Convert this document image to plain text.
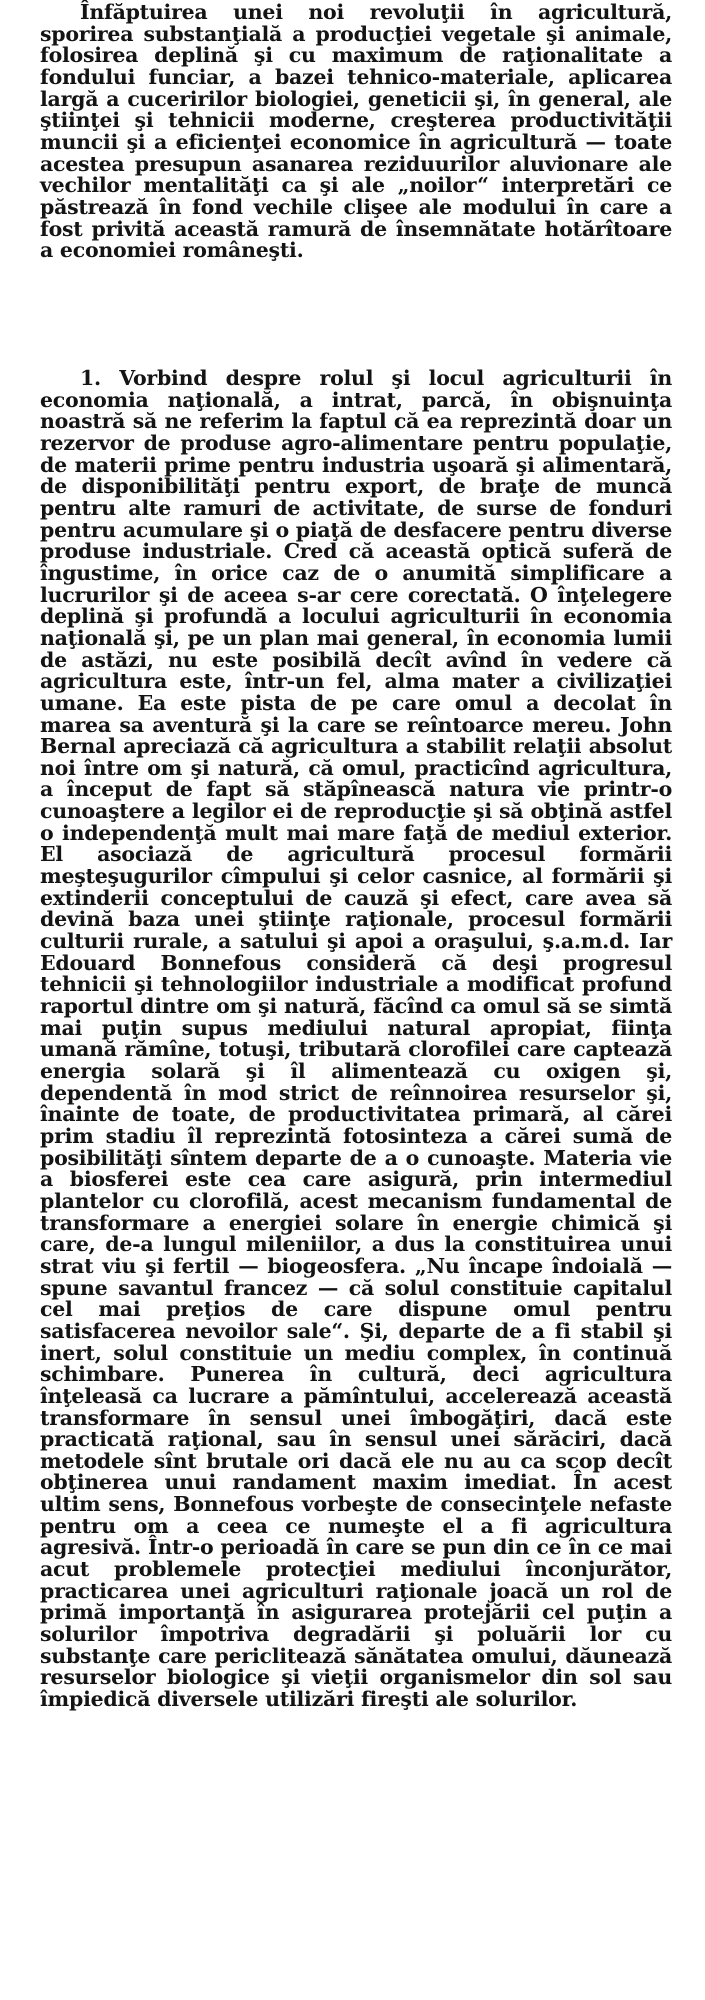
Înfăptuirea unei noi revoluţii în agricultură, sporirea substanţială a producţiei vegetale şi animale, folosirea deplină şi cu maximum de raţionalitate a fondului funciar, a bazei tehnico-materiale, aplicarea largă a cuceririlor biologiei, geneticii şi, în general, ale ştiinţei şi tehnicii moderne, creşterea productivităţii muncii şi a eficienţei economice în agricultură — toate acestea presupun asanarea reziduurilor aluvionare ale vechilor mentalităţi ca şi ale „noilor“ interpretări ce păstrează în fond vechile clişee ale modului în care a fost privită această ramură de însemnătate hotărîtoare a economiei româneşti.
1. Vorbind despre rolul şi locul agriculturii în economia naţională, a intrat, parcă, în obişnuinţa noastră să ne referim la faptul că ea reprezintă doar un rezervor de produse agro-alimentare pentru populaţie, de materii prime pentru industria uşoară şi alimentară, de disponibilităţi pentru export, de braţe de muncă pentru alte ramuri de activitate, de surse de fonduri pentru acumulare şi o piaţă de desfacere pentru diverse produse industriale. Cred că această optică suferă de îngustime, în orice caz de o anumită simplificare a lucrurilor şi de aceea s-ar cere corectată. O înţelegere deplină şi profundă a locului agriculturii în economia naţională şi, pe un plan mai general, în economia lumii de astăzi, nu este posibilă decît avînd în vedere că agricultura este, într-un fel, alma mater a civilizaţiei umane. Ea este pista de pe care omul a decolat în marea sa aventură şi la care se reîntoarce mereu. John Bernal apreciază că agricultura a stabilit relaţii absolut noi între om şi natură, că omul, practicînd agricultura, a început de fapt să stăpînească natura vie printr-o cunoaştere a legilor ei de reproducţie şi să obţină astfel o independenţă mult mai mare faţă de mediul exterior. El asociază de agricultură procesul formării meşteşugurilor cîmpului şi celor casnice, al formării şi extinderii conceptului de cauză şi efect, care avea să devină baza unei ştiinţe raţionale, procesul formării culturii rurale, a satului şi apoi a oraşului, ş.a.m.d. Iar Edouard Bonnefous consideră că deşi progresul tehnicii şi tehnologiilor industriale a modificat profund raportul dintre om şi natură, făcînd ca omul să se simtă mai puţin supus mediului natural apropiat, fiinţa umană rămîne, totuşi, tributară clorofilei care captează energia solară şi îl alimentează cu oxigen şi, dependentă în mod strict de reînnoirea resurselor şi, înainte de toate, de productivitatea primară, al cărei prim stadiu îl reprezintă fotosinteza a cărei sumă de posibilităţi sîntem departe de a o cunoaşte. Materia vie a biosferei este cea care asigură, prin intermediul plantelor cu clorofilă, acest mecanism fundamental de transformare a energiei solare în energie chimică şi care, de-a lungul mileniilor, a dus la constituirea unui strat viu şi fertil — biogeosfera. „Nu încape îndoială — spune savantul francez — că solul constituie capitalul cel mai preţios de care dispune omul pentru satisfacerea nevoilor sale“. Şi, departe de a fi stabil şi inert, solul constituie un mediu complex, în continuă schimbare. Punerea în cultură, deci agricultura înţeleasă ca lucrare a pămîntului, accelerează această transformare în sensul unei îmbogăţiri, dacă este practicată raţional, sau în sensul unei sărăciri, dacă metodele sînt brutale ori dacă ele nu au ca scop decît obţinerea unui randament maxim imediat. În acest ultim sens, Bonnefous vorbeşte de consecinţele nefaste pentru om a ceea ce numeşte el a fi agricultura agresivă. Într-o perioadă în care se pun din ce în ce mai acut problemele protecţiei mediului înconjurător, practicarea unei agriculturi raţionale joacă un rol de primă importanţă în asigurarea protejării cel puţin a solurilor împotriva degradării şi poluării lor cu substanţe care periclitează sănătatea omului, dăunează resurselor biologice şi vieţii organismelor din sol sau împiedică diversele utilizări fireşti ale solurilor.
